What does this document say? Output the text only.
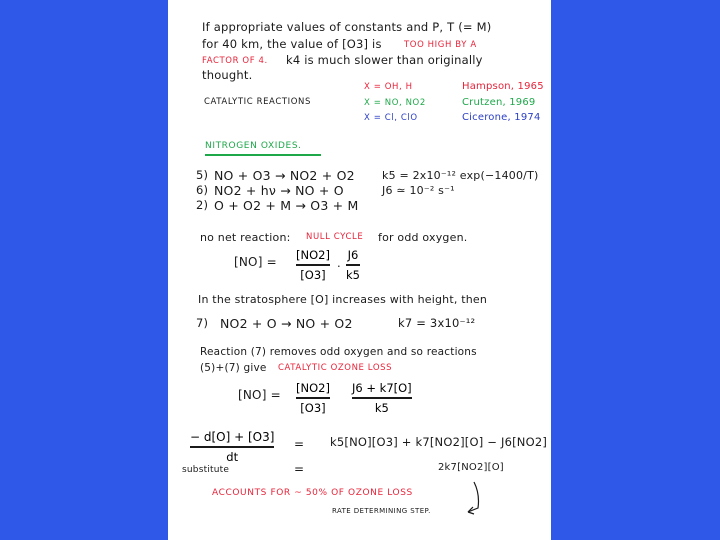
If appropriate values of constants and P, T (= M)
for 40 km, the value of [O3] is	TOO HIGH BY A
FACTOR OF 4. k4 is much slower than originally
thought.
CATALYTIC REACTIONS
X = OH, H	Hampson, 1965
X = NO, NO2	Crutzen, 1969
X = Cl, ClO	Cicerone, 1974
NITROGEN OXIDES.
5) NO + O3 → NO2 + O2 k5 = 2x10⁻¹² exp(−1400/T)
6) NO2 + hν → NO + O	J6 ≃ 10⁻² s⁻¹
2) O + O2 + M → O3 + M
no net reaction: NULL CYCLE for odd oxygen.
[NO] = [NO2]
[O3]
.
J6
k5
In the stratosphere [O] increases with height, then
7) NO2 + O → NO + O2	k7 = 3x10⁻¹²
Reaction (7) removes odd oxygen and so reactions
(5)+(7) give CATALYTIC OZONE LOSS
[NO] = [NO2]
[O3]
J6 + k7[O]
k5
− d[O] + [O3]
dt
= k5[NO][O3] + k7[NO2][O] − J6[NO2]
substitute	=	2k7[NO2][O]
ACCOUNTS FOR ~ 50% OF OZONE LOSS
RATE DETERMINING STEP.
